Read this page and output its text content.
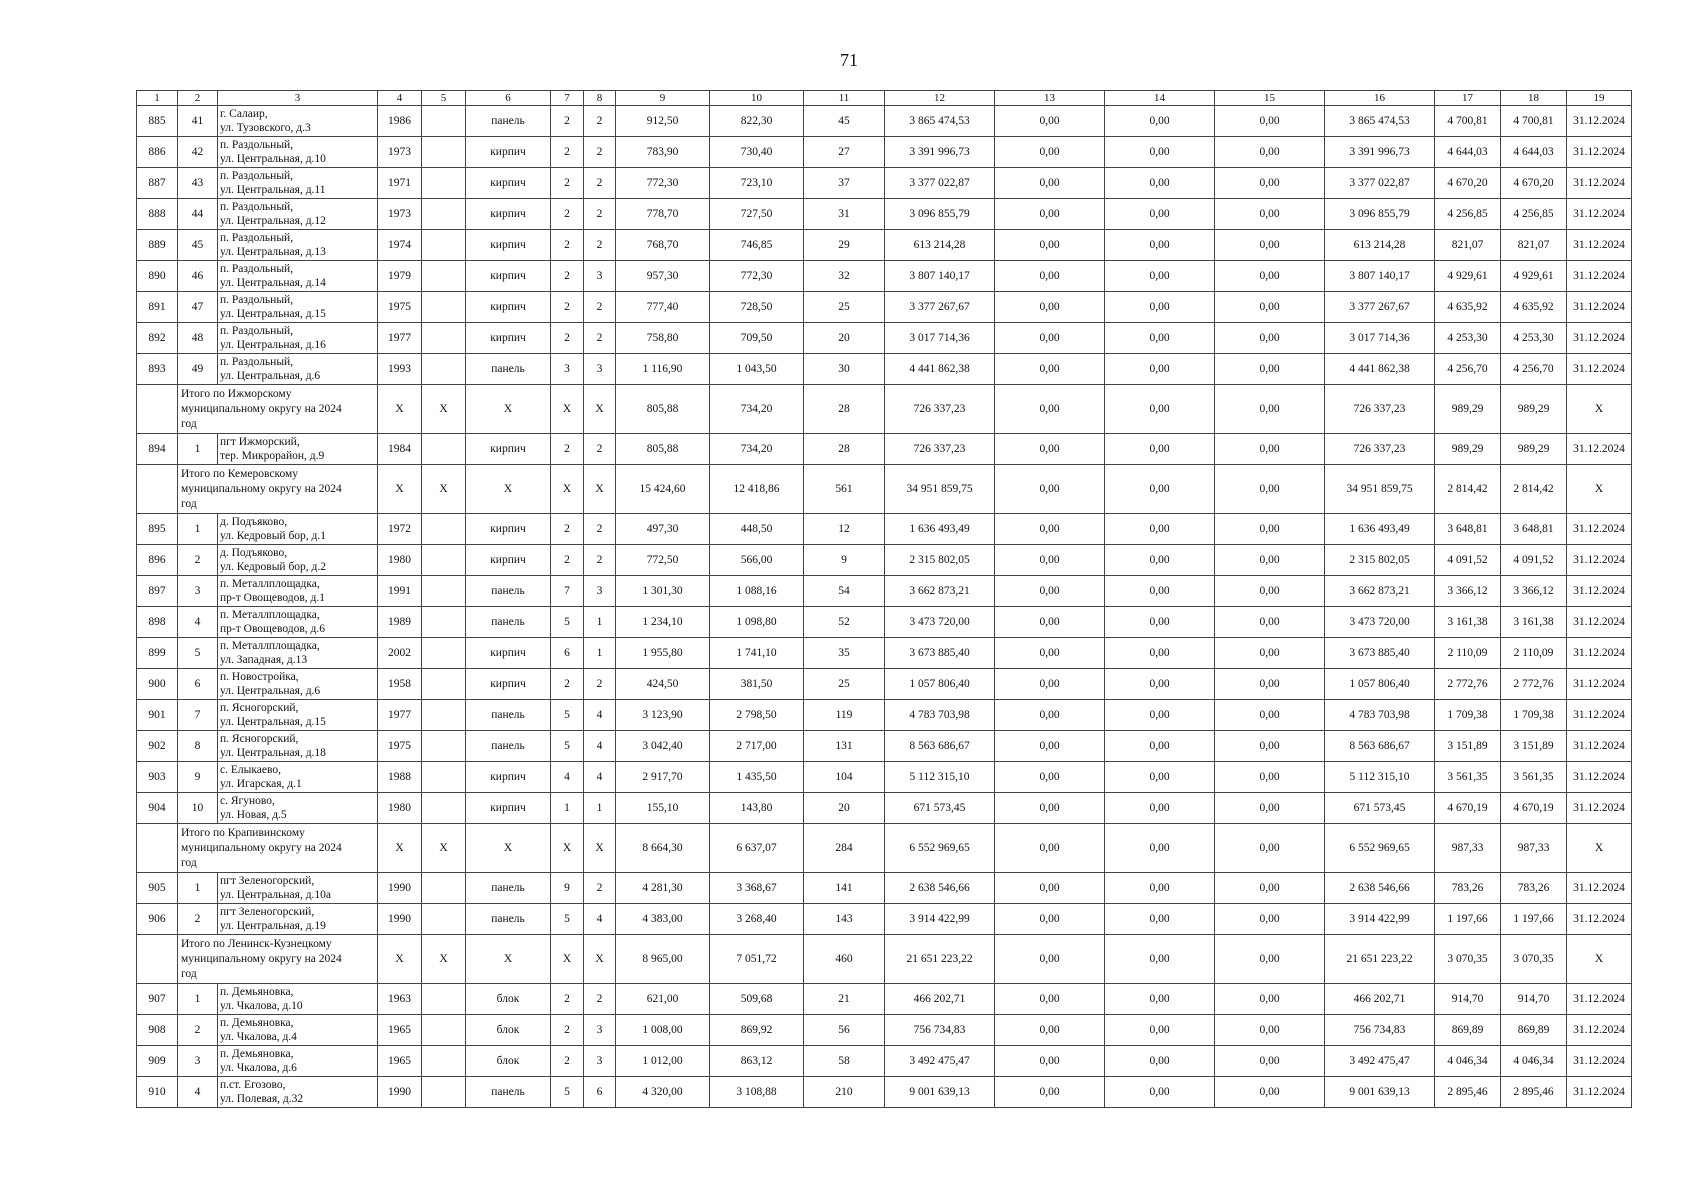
71
1	2	3	4	5	6	7	8	9	10	11	12	13	14	15	16	17	18	19
885	41	г. Салаир,
ул. Тузовского, д.3	1986		панель	2	2	912,50	822,30	45	3 865 474,53	0,00	0,00	0,00	3 865 474,53	4 700,81	4 700,81	31.12.2024
886	42	п. Раздольный,
ул. Центральная, д.10	1973		кирпич	2	2	783,90	730,40	27	3 391 996,73	0,00	0,00	0,00	3 391 996,73	4 644,03	4 644,03	31.12.2024
887	43	п. Раздольный,
ул. Центральная, д.11	1971		кирпич	2	2	772,30	723,10	37	3 377 022,87	0,00	0,00	0,00	3 377 022,87	4 670,20	4 670,20	31.12.2024
888	44	п. Раздольный,
ул. Центральная, д.12	1973		кирпич	2	2	778,70	727,50	31	3 096 855,79	0,00	0,00	0,00	3 096 855,79	4 256,85	4 256,85	31.12.2024
889	45	п. Раздольный,
ул. Центральная, д.13	1974		кирпич	2	2	768,70	746,85	29	613 214,28	0,00	0,00	0,00	613 214,28	821,07	821,07	31.12.2024
890	46	п. Раздольный,
ул. Центральная, д.14	1979		кирпич	2	3	957,30	772,30	32	3 807 140,17	0,00	0,00	0,00	3 807 140,17	4 929,61	4 929,61	31.12.2024
891	47	п. Раздольный,
ул. Центральная, д.15	1975		кирпич	2	2	777,40	728,50	25	3 377 267,67	0,00	0,00	0,00	3 377 267,67	4 635,92	4 635,92	31.12.2024
892	48	п. Раздольный,
ул. Центральная, д.16	1977		кирпич	2	2	758,80	709,50	20	3 017 714,36	0,00	0,00	0,00	3 017 714,36	4 253,30	4 253,30	31.12.2024
893	49	п. Раздольный,
ул. Центральная, д.6	1993		панель	3	3	1 116,90	1 043,50	30	4 441 862,38	0,00	0,00	0,00	4 441 862,38	4 256,70	4 256,70	31.12.2024

	Итого по Ижморскому
муниципальному округу на 2024
год		X	X	X	X	X	805,88	734,20	28	726 337,23	0,00	0,00	0,00	726 337,23	989,29	989,29	X
894	1	пгт Ижморский,
тер. Микрорайон, д.9	1984		кирпич	2	2	805,88	734,20	28	726 337,23	0,00	0,00	0,00	726 337,23	989,29	989,29	31.12.2024

	Итого по Кемеровскому
муниципальному округу на 2024
год		X	X	X	X	X	15 424,60	12 418,86	561	34 951 859,75	0,00	0,00	0,00	34 951 859,75	2 814,42	2 814,42	X
895	1	д. Подъяково,
ул. Кедровый бор, д.1	1972		кирпич	2	2	497,30	448,50	12	1 636 493,49	0,00	0,00	0,00	1 636 493,49	3 648,81	3 648,81	31.12.2024
896	2	д. Подъяково,
ул. Кедровый бор, д.2	1980		кирпич	2	2	772,50	566,00	9	2 315 802,05	0,00	0,00	0,00	2 315 802,05	4 091,52	4 091,52	31.12.2024
897	3	п. Металлплощадка,
пр-т Овощеводов, д.1	1991		панель	7	3	1 301,30	1 088,16	54	3 662 873,21	0,00	0,00	0,00	3 662 873,21	3 366,12	3 366,12	31.12.2024
898	4	п. Металлплощадка,
пр-т Овощеводов, д.6	1989		панель	5	1	1 234,10	1 098,80	52	3 473 720,00	0,00	0,00	0,00	3 473 720,00	3 161,38	3 161,38	31.12.2024
899	5	п. Металлплощадка,
ул. Западная, д.13	2002		кирпич	6	1	1 955,80	1 741,10	35	3 673 885,40	0,00	0,00	0,00	3 673 885,40	2 110,09	2 110,09	31.12.2024
900	6	п. Новостройка,
ул. Центральная, д.6	1958		кирпич	2	2	424,50	381,50	25	1 057 806,40	0,00	0,00	0,00	1 057 806,40	2 772,76	2 772,76	31.12.2024
901	7	п. Ясногорский,
ул. Центральная, д.15	1977		панель	5	4	3 123,90	2 798,50	119	4 783 703,98	0,00	0,00	0,00	4 783 703,98	1 709,38	1 709,38	31.12.2024
902	8	п. Ясногорский,
ул. Центральная, д.18	1975		панель	5	4	3 042,40	2 717,00	131	8 563 686,67	0,00	0,00	0,00	8 563 686,67	3 151,89	3 151,89	31.12.2024
903	9	с. Елыкаево,
ул. Игарская, д.1	1988		кирпич	4	4	2 917,70	1 435,50	104	5 112 315,10	0,00	0,00	0,00	5 112 315,10	3 561,35	3 561,35	31.12.2024
904	10	с. Ягуново,
ул. Новая, д.5	1980		кирпич	1	1	155,10	143,80	20	671 573,45	0,00	0,00	0,00	671 573,45	4 670,19	4 670,19	31.12.2024

	Итого по Крапивинскому
муниципальному округу на 2024
год		X	X	X	X	X	8 664,30	6 637,07	284	6 552 969,65	0,00	0,00	0,00	6 552 969,65	987,33	987,33	X
905	1	пгт Зеленогорский,
ул. Центральная, д.10а	1990		панель	9	2	4 281,30	3 368,67	141	2 638 546,66	0,00	0,00	0,00	2 638 546,66	783,26	783,26	31.12.2024
906	2	пгт Зеленогорский,
ул. Центральная, д.19	1990		панель	5	4	4 383,00	3 268,40	143	3 914 422,99	0,00	0,00	0,00	3 914 422,99	1 197,66	1 197,66	31.12.2024

	Итого по Ленинск-Кузнецкому
муниципальному округу на 2024
год		X	X	X	X	X	8 965,00	7 051,72	460	21 651 223,22	0,00	0,00	0,00	21 651 223,22	3 070,35	3 070,35	X
907	1	п. Демьяновка,
ул. Чкалова, д.10	1963		блок	2	2	621,00	509,68	21	466 202,71	0,00	0,00	0,00	466 202,71	914,70	914,70	31.12.2024
908	2	п. Демьяновка,
ул. Чкалова, д.4	1965		блок	2	3	1 008,00	869,92	56	756 734,83	0,00	0,00	0,00	756 734,83	869,89	869,89	31.12.2024
909	3	п. Демьяновка,
ул. Чкалова, д.6	1965		блок	2	3	1 012,00	863,12	58	3 492 475,47	0,00	0,00	0,00	3 492 475,47	4 046,34	4 046,34	31.12.2024
910	4	п.ст. Егозово,
ул. Полевая, д.32	1990		панель	5	6	4 320,00	3 108,88	210	9 001 639,13	0,00	0,00	0,00	9 001 639,13	2 895,46	2 895,46	31.12.2024
